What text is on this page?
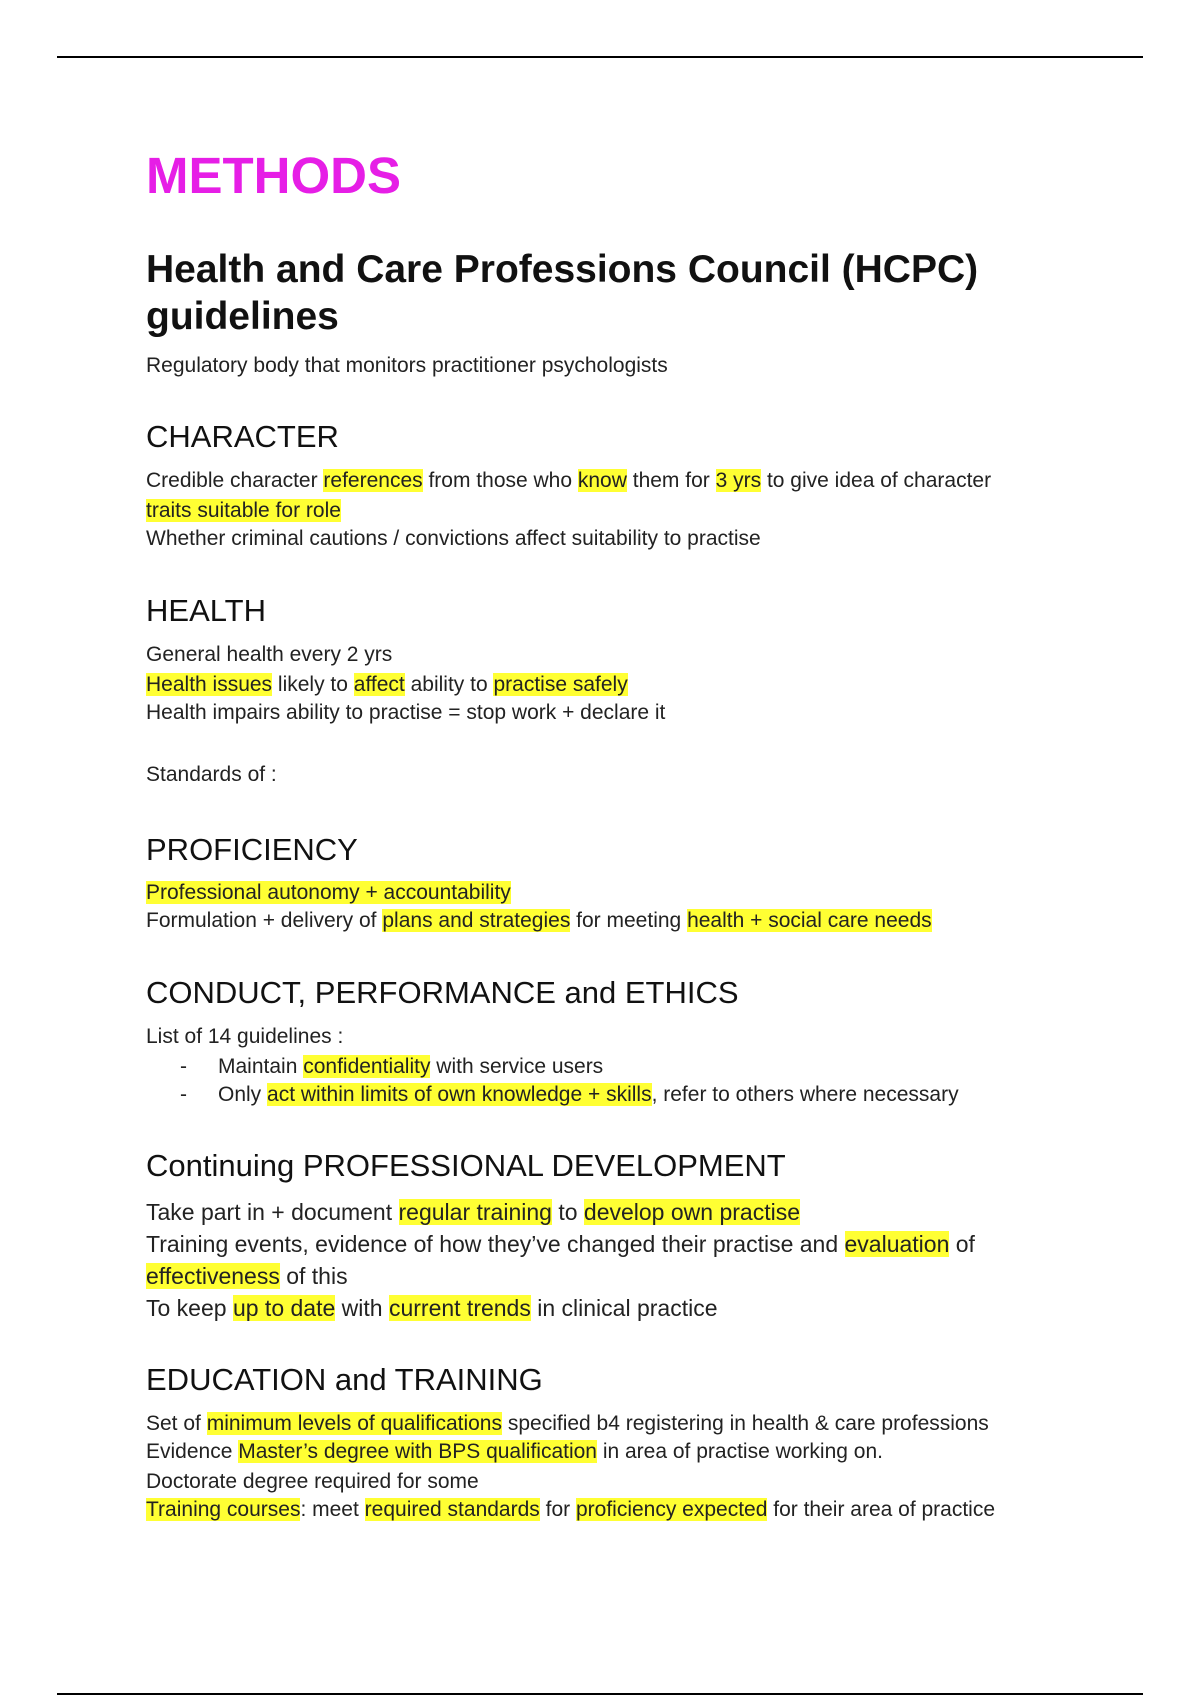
METHODS
Health and Care Professions Council (HCPC) guidelines
Regulatory body that monitors practitioner psychologists
CHARACTER
Credible character references from those who know them for 3 yrs to give idea of character
traits suitable for role
Whether criminal cautions / convictions affect suitability to practise
HEALTH
General health every 2 yrs
Health issues likely to affect ability to practise safely
Health impairs ability to practise = stop work + declare it
Standards of :
PROFICIENCY
Professional autonomy + accountability
Formulation + delivery of plans and strategies for meeting health + social care needs
CONDUCT, PERFORMANCE and ETHICS
List of 14 guidelines :
- Maintain confidentiality with service users
- Only act within limits of own knowledge + skills, refer to others where necessary
Continuing PROFESSIONAL DEVELOPMENT
Take part in + document regular training to develop own practise
Training events, evidence of how they’ve changed their practise and evaluation of
effectiveness of this
To keep up to date with current trends in clinical practice
EDUCATION and TRAINING
Set of minimum levels of qualifications specified b4 registering in health & care professions
Evidence Master’s degree with BPS qualification in area of practise working on.
Doctorate degree required for some
Training courses: meet required standards for proficiency expected for their area of practice
